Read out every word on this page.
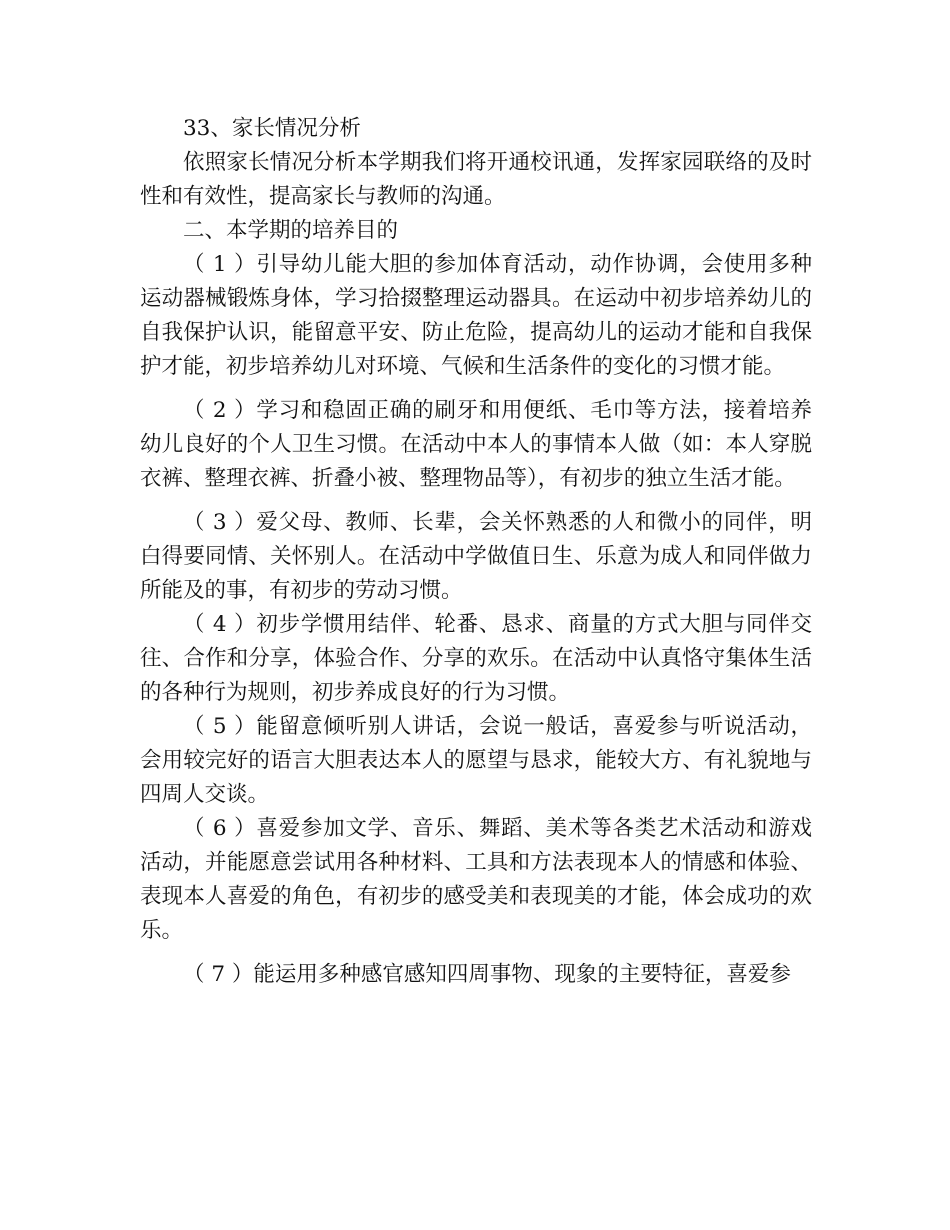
33、家长情况分析

依照家长情况分析本学期我们将开通校讯通，发挥家园联络的及时性和有效性，提高家长与教师的沟通。

二、本学期的培养目的

（ 1 ）引导幼儿能大胆的参加体育活动，动作协调，会使用多种运动器械锻炼身体，学习拾掇整理运动器具。在运动中初步培养幼儿的自我保护认识，能留意平安、防止危险，提高幼儿的运动才能和自我保护才能，初步培养幼儿对环境、气候和生活条件的变化的习惯才能。

（ 2 ）学习和稳固正确的刷牙和用便纸、毛巾等方法，接着培养幼儿良好的个人卫生习惯。在活动中本人的事情本人做（如：本人穿脱衣裤、整理衣裤、折叠小被、整理物品等），有初步的独立生活才能。

（ 3 ）爱父母、教师、长辈，会关怀熟悉的人和微小的同伴，明白得要同情、关怀别人。在活动中学做值日生、乐意为成人和同伴做力所能及的事，有初步的劳动习惯。

（ 4 ）初步学惯用结伴、轮番、恳求、商量的方式大胆与同伴交往、合作和分享，体验合作、分享的欢乐。在活动中认真恪守集体生活的各种行为规则，初步养成良好的行为习惯。

（ 5 ）能留意倾听别人讲话，会说一般话，喜爱参与听说活动，会用较完好的语言大胆表达本人的愿望与恳求，能较大方、有礼貌地与四周人交谈。

（ 6 ）喜爱参加文学、音乐、舞蹈、美术等各类艺术活动和游戏活动，并能愿意尝试用各种材料、工具和方法表现本人的情感和体验、表现本人喜爱的角色，有初步的感受美和表现美的才能，体会成功的欢乐。

（ 7 ）能运用多种感官感知四周事物、现象的主要特征，喜爱参
